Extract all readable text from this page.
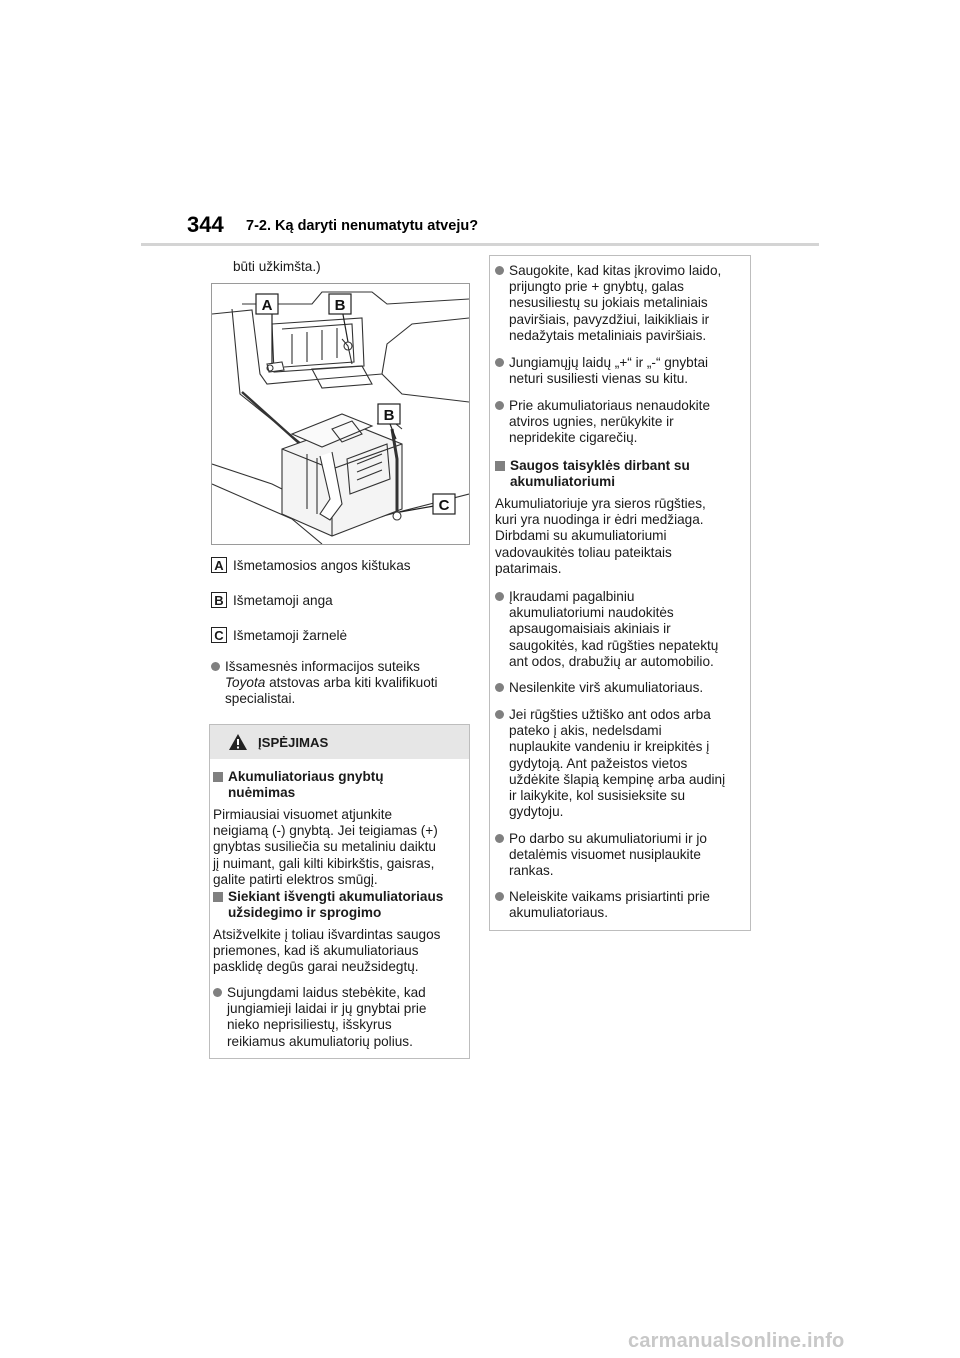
344 7-2. Ką daryti nenumatytu atveju?
būti užkimšta.)
A	B
B
C
A Išmetamosios angos kištukas
B Išmetamoji anga
C Išmetamoji žarnelė
Išsamesnės informacijos suteiks
Toyota atstovas arba kiti kvalifikuoti
specialistai.
ĮSPĖJIMAS
Akumuliatoriaus gnybtų
nuėmimas
Pirmiausiai visuomet atjunkite
neigiamą (-) gnybtą. Jei teigiamas (+)
gnybtas susiliečia su metaliniu daiktu
jį nuimant, gali kilti kibirkštis, gaisras,
galite patirti elektros smūgį.
Siekiant išvengti akumuliatoriaus
užsidegimo ir sprogimo
Atsižvelkite į toliau išvardintas saugos
priemones, kad iš akumuliatoriaus
pasklidę degūs garai neužsidegtų.
Sujungdami laidus stebėkite, kad
jungiamieji laidai ir jų gnybtai prie
nieko neprisiliestų, išskyrus
reikiamus akumuliatorių polius.
Saugokite, kad kitas įkrovimo laido,
prijungto prie + gnybtų, galas
nesusiliestų su jokiais metaliniais
paviršiais, pavyzdžiui, laikikliais ir
nedažytais metaliniais paviršiais.
Jungiamųjų laidų „+“ ir „-“ gnybtai
neturi susiliesti vienas su kitu.
Prie akumuliatoriaus nenaudokite
atviros ugnies, nerūkykite ir
nepridekite cigarečių.
Saugos taisyklės dirbant su
akumuliatoriumi
Akumuliatoriuje yra sieros rūgšties,
kuri yra nuodinga ir ėdri medžiaga.
Dirbdami su akumuliatoriumi
vadovaukitės toliau pateiktais
patarimais.
Įkraudami pagalbiniu
akumuliatoriumi naudokitės
apsaugomaisiais akiniais ir
saugokitės, kad rūgšties nepatektų
ant odos, drabužių ar automobilio.
Nesilenkite virš akumuliatoriaus.
Jei rūgšties užtiško ant odos arba
pateko į akis, nedelsdami
nuplaukite vandeniu ir kreipkitės į
gydytoją. Ant pažeistos vietos
uždėkite šlapią kempinę arba audinį
ir laikykite, kol susisieksite su
gydytoju.
Po darbo su akumuliatoriumi ir jo
detalėmis visuomet nusiplaukite
rankas.
Neleiskite vaikams prisiartinti prie
akumuliatoriaus.
carmanualsonline.info
